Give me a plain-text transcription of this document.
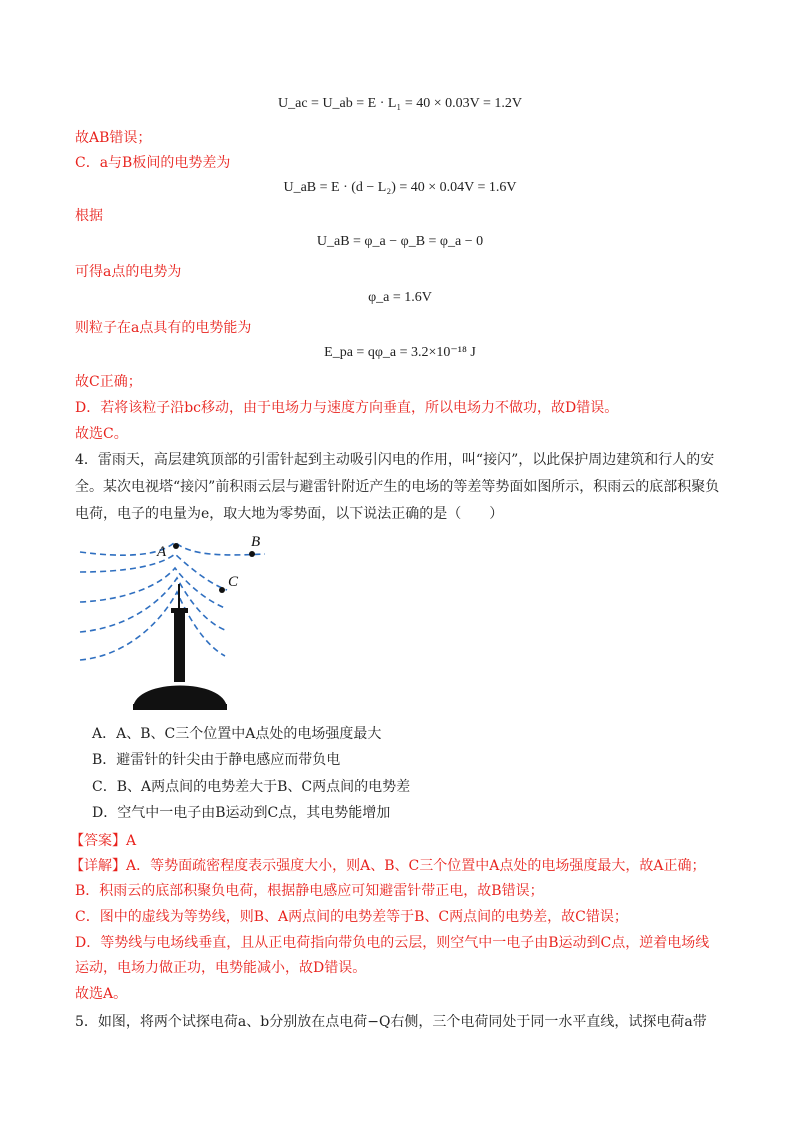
U_ac = U_ab = E · L₁ = 40 × 0.03V = 1.2V
故AB错误；
C．a与B板间的电势差为
U_aB = E · (d − L₂) = 40 × 0.04V = 1.6V
根据
U_aB = φ_a − φ_B = φ_a − 0
可得a点的电势为
φ_a = 1.6V
则粒子在a点具有的电势能为
E_pa = qφ_a = 3.2×10⁻¹⁸ J
故C正确；
D．若将该粒子沿bc移动，由于电场力与速度方向垂直，所以电场力不做功，故D错误。
故选C。
4．雷雨天，高层建筑顶部的引雷针起到主动吸引闪电的作用，叫“接闪”，以此保护周边建筑和行人的安全。某次电视塔“接闪”前积雨云层与避雷针附近产生的电场的等差等势面如图所示，积雨云的底部积聚负电荷，电子的电量为e，取大地为零势面，以下说法正确的是（　　）
A
B
C
A．A、B、C三个位置中A点处的电场强度最大
B．避雷针的针尖由于静电感应而带负电
C．B、A两点间的电势差大于B、C两点间的电势差
D．空气中一电子由B运动到C点，其电势能增加
【答案】A
【详解】A．等势面疏密程度表示强度大小，则A、B、C三个位置中A点处的电场强度最大，故A正确；
B．积雨云的底部积聚负电荷，根据静电感应可知避雷针带正电，故B错误；
C．图中的虚线为等势线，则B、A两点间的电势差等于B、C两点间的电势差，故C错误；
D．等势线与电场线垂直，且从正电荷指向带负电的云层，则空气中一电子由B运动到C点，逆着电场线
运动，电场力做正功，电势能减小，故D错误。
故选A。
5．如图，将两个试探电荷a、b分别放在点电荷−Q右侧，三个电荷同处于同一水平直线，试探电荷a带
